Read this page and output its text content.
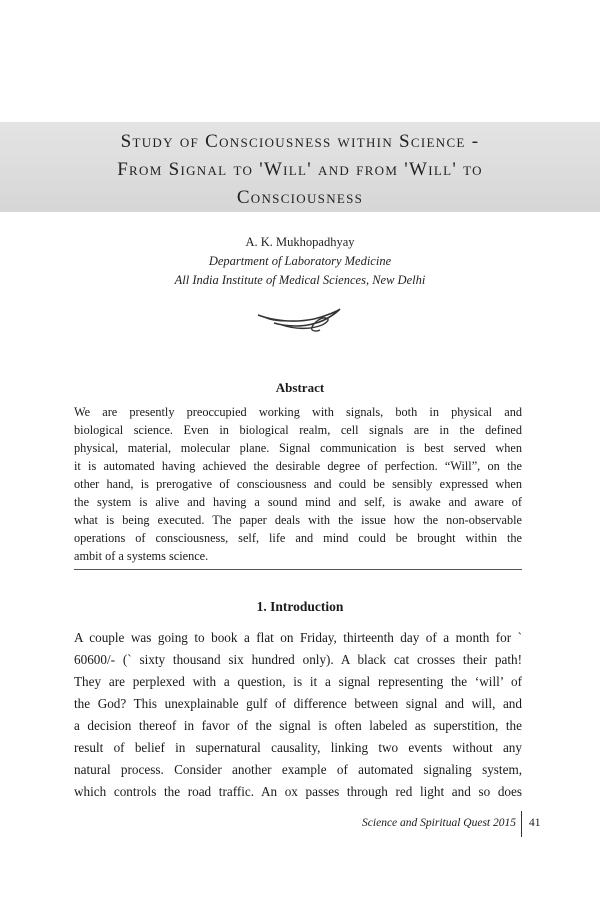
Study of Consciousness within Science -
From Signal to 'Will' and from 'Will' to
Consciousness
A. K. Mukhopadhyay
Department of Laboratory Medicine
All India Institute of Medical Sciences, New Delhi
Abstract
We are presently preoccupied working with signals, both in physical and
biological science. Even in biological realm, cell signals are in the defined
physical, material, molecular plane. Signal communication is best served when
it is automated having achieved the desirable degree of perfection. “Will”, on the
other hand, is prerogative of consciousness and could be sensibly expressed when
the system is alive and having a sound mind and self, is awake and aware of
what is being executed. The paper deals with the issue how the non-observable
operations of consciousness, self, life and mind could be brought within the
ambit of a systems science.
1. Introduction
A couple was going to book a flat on Friday, thirteenth day of a month for `
60600/- (` sixty thousand six hundred only). A black cat crosses their path!
They are perplexed with a question, is it a signal representing the ‘will’ of
the God? This unexplainable gulf of difference between signal and will, and
a decision thereof in favor of the signal is often labeled as superstition, the
result of belief in supernatural causality, linking two events without any
natural process. Consider another example of automated signaling system,
which controls the road traffic. An ox passes through red light and so does
Science and Spiritual Quest 2015 41
